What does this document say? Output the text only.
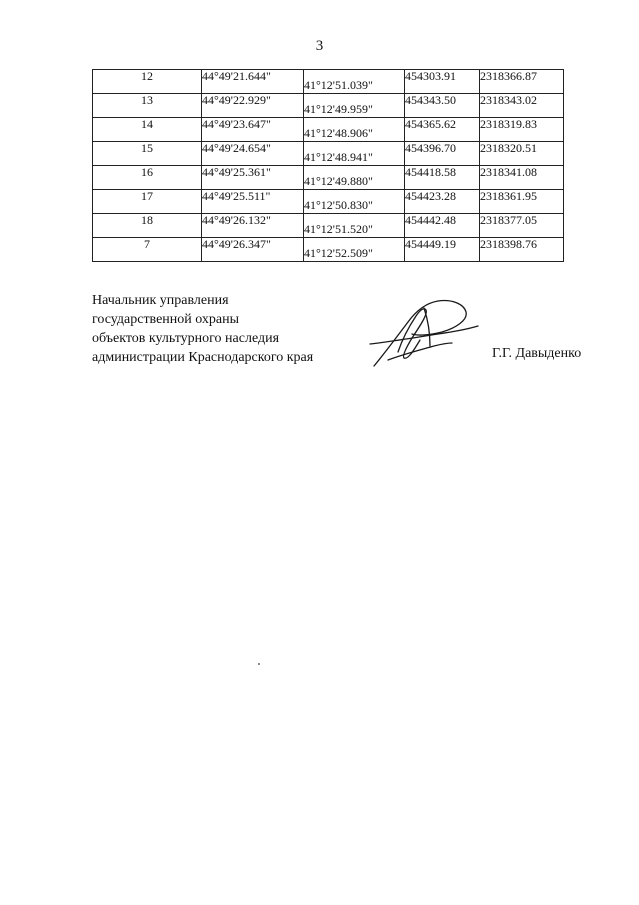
3
12	44°49'21.644"	41°12'51.039"	454303.91	2318366.87
13	44°49'22.929"	41°12'49.959"	454343.50	2318343.02
14	44°49'23.647"	41°12'48.906"	454365.62	2318319.83
15	44°49'24.654"	41°12'48.941"	454396.70	2318320.51
16	44°49'25.361"	41°12'49.880"	454418.58	2318341.08
17	44°49'25.511"	41°12'50.830"	454423.28	2318361.95
18	44°49'26.132"	41°12'51.520"	454442.48	2318377.05
7	44°49'26.347"	41°12'52.509"	454449.19	2318398.76
Начальник управления
государственной охраны
объектов культурного наследия
администрации Краснодарского края	Г.Г. Давыденко
